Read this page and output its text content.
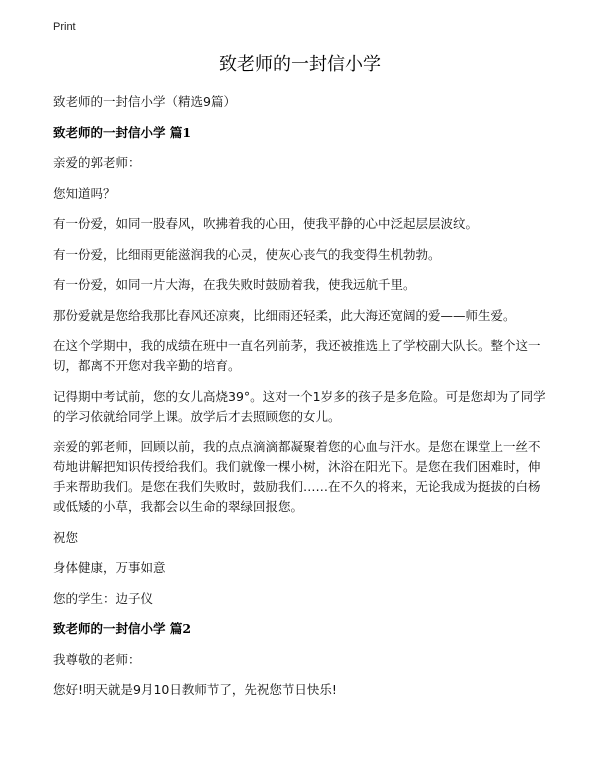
Print
致老师的一封信小学

致老师的一封信小学（精选9篇）

致老师的一封信小学 篇1

亲爱的郭老师：

您知道吗？

有一份爱，如同一股春风，吹拂着我的心田，使我平静的心中泛起层层波纹。

有一份爱，比细雨更能滋润我的心灵，使灰心丧气的我变得生机勃勃。

有一份爱，如同一片大海，在我失败时鼓励着我，使我远航千里。

那份爱就是您给我那比春风还凉爽，比细雨还轻柔，此大海还宽阔的爱——师生爱。

在这个学期中，我的成绩在班中一直名列前茅，我还被推选上了学校副大队长。整个这一切，都离不开您对我辛勤的培育。

记得期中考试前，您的女儿高烧39°。这对一个1岁多的孩子是多危险。可是您却为了同学的学习依就给同学上课。放学后才去照顾您的女儿。

亲爱的郭老师，回顾以前，我的点点滴滴都凝聚着您的心血与汗水。是您在课堂上一丝不苟地讲解把知识传授给我们。我们就像一棵小树，沐浴在阳光下。是您在我们困难时，伸手来帮助我们。是您在我们失败时，鼓励我们……在不久的将来，无论我成为挺拔的白杨或低矮的小草，我都会以生命的翠绿回报您。

祝您

身体健康，万事如意

您的学生：边子仪

致老师的一封信小学 篇2

我尊敬的老师：

您好!明天就是9月10日教师节了，先祝您节日快乐!
